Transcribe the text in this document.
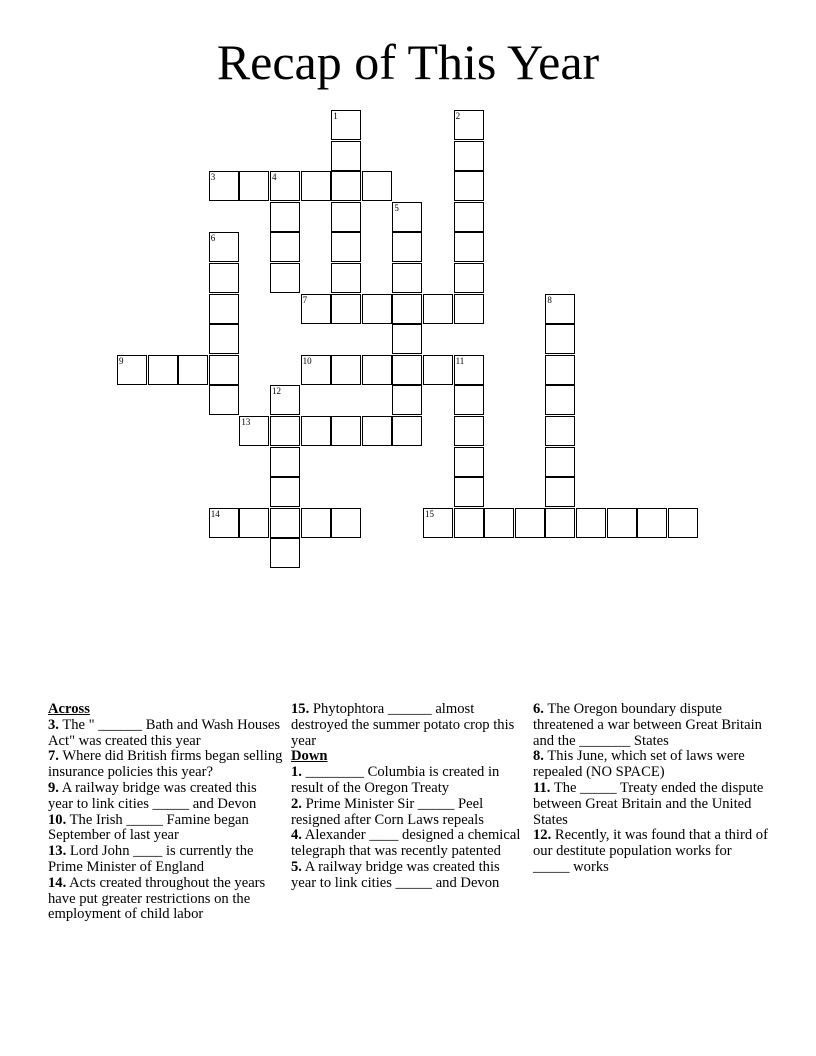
Recap of This Year
1	2
3	4
5
6
7	8
9	10	11
12
13
14	15

Across

3. The " ______ Bath and Wash Houses Act" was created this year

7. Where did British firms began selling insurance policies this year?

9. A railway bridge was created this year to link cities _____ and Devon

10. The Irish _____ Famine began September of last year

13. Lord John ____ is currently the Prime Minister of England

14. Acts created throughout the years have put greater restrictions on the employment of child labor

15. Phytophtora ______ almost destroyed the summer potato crop this year

Down

1. ________ Columbia is created in result of the Oregon Treaty

2. Prime Minister Sir _____ Peel resigned after Corn Laws repeals

4. Alexander ____ designed a chemical telegraph that was recently patented

5. A railway bridge was created this year to link cities _____ and Devon

6. The Oregon boundary dispute threatened a war between Great Britain and the _______ States

8. This June, which set of laws were repealed (NO SPACE)

11. The _____ Treaty ended the dispute between Great Britain and the United States

12. Recently, it was found that a third of our destitute population works for _____ works
